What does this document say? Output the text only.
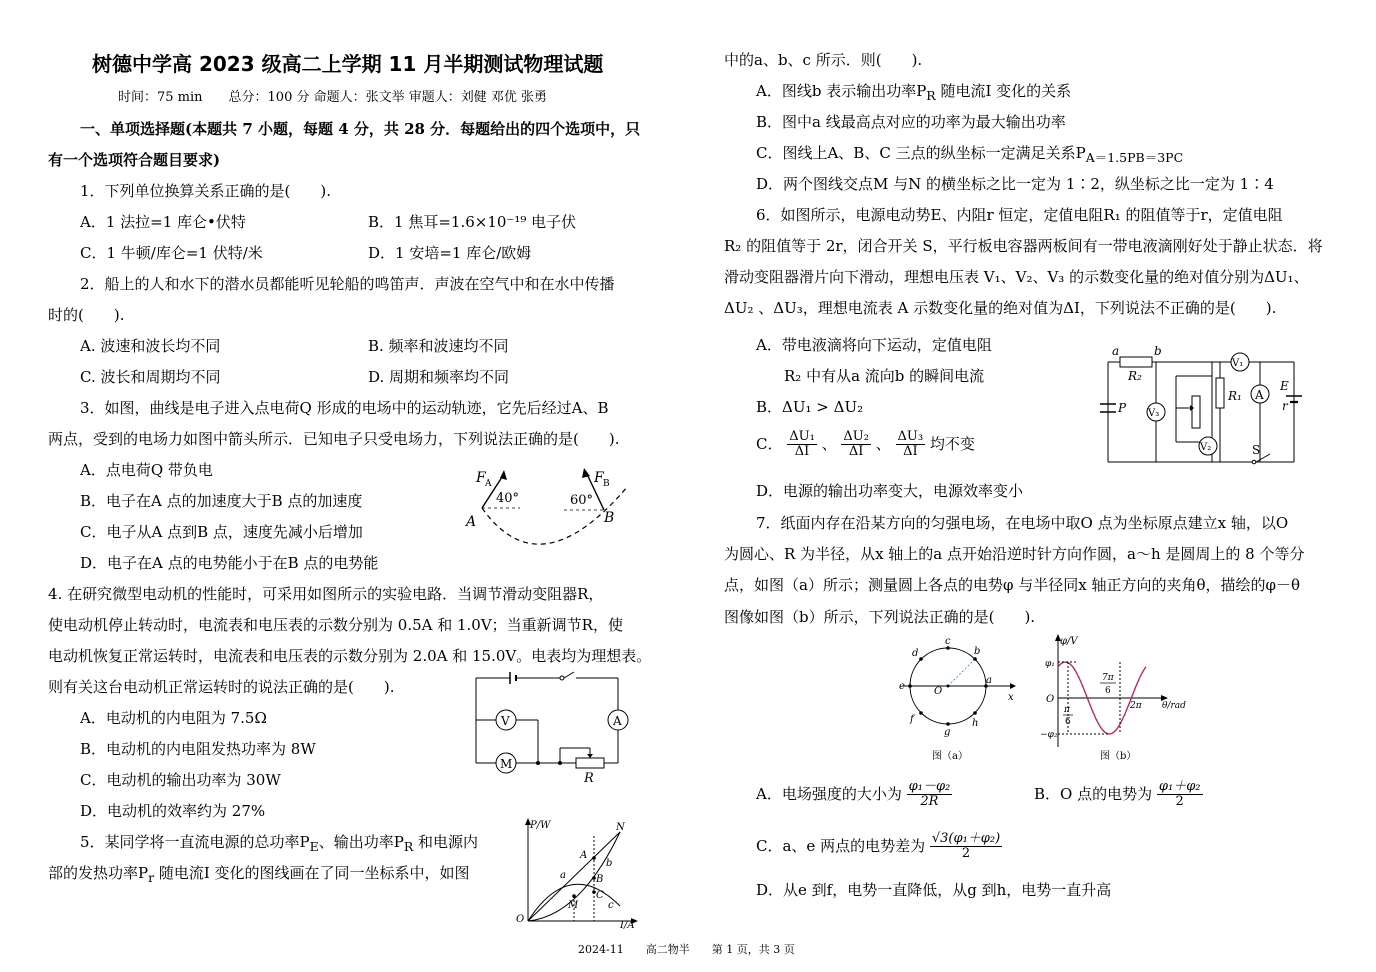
树德中学高 2023 级高二上学期 11 月半期测试物理试题
时间：75 min　　总分：100 分 命题人：张文举 审题人：刘健 邓优 张勇
一、单项选择题(本题共 7 小题，每题 4 分，共 28 分．每题给出的四个选项中，只
有一个选项符合题目要求)
1．下列单位换算关系正确的是(　　).
A．1 法拉=1 库仑•伏特	B．1 焦耳=1.6×10⁻¹⁹ 电子伏
C．1 牛顿/库仑=1 伏特/米	D．1 安培=1 库仑/欧姆
2．船上的人和水下的潜水员都能听见轮船的鸣笛声．声波在空气中和在水中传播
时的(　　).
A. 波速和波长均不同	B. 频率和波速均不同
C. 波长和周期均不同	D. 周期和频率均不同
3．如图，曲线是电子进入点电荷Q 形成的电场中的运动轨迹，它先后经过A、B
两点，受到的电场力如图中箭头所示．已知电子只受电场力，下列说法正确的是(　　).
A．点电荷Q 带负电
B．电子在A 点的加速度大于B 点的加速度
C．电子从A 点到B 点，速度先减小后增加
D．电子在A 点的电势能小于在B 点的电势能
F A
40°
F B
60°
A	B
4. 在研究微型电动机的性能时，可采用如图所示的实验电路．当调节滑动变阻器R，
使电动机停止转动时，电流表和电压表的示数分别为 0.5A 和 1.0V；当重新调节R，使
电动机恢复正常运转时，电流表和电压表的示数分别为 2.0A 和 15.0V。电表均为理想表。
则有关这台电动机正常运转时的说法正确的是(　　).
A．电动机的内电阻为 7.5Ω
B．电动机的内电阻发热功率为 8W
C．电动机的输出功率为 30W
D．电动机的效率约为 27%
V	A
M
R
5．某同学将一直流电源的总功率$P_E$、输出功率$P_R$ 和电源内
部的发热功率$P_r$ 随电流I 变化的图线画在了同一坐标系中，如图
P/W
I/A
O
N
A
B
C
M
a
b
c
中的a、b、c 所示．则(　　).
A．图线b 表示输出功率$P_R$ 随电流I 变化的关系
B．图中a 线最高点对应的功率为最大输出功率
C．图线上A、B、C 三点的纵坐标一定满足关系$P_{A=1.5PB=3PC}$
D．两个图线交点M 与N 的横坐标之比一定为 1∶2，纵坐标之比一定为 1∶4
6．如图所示，电源电动势E、内阻r 恒定，定值电阻R₁ 的阻值等于r，定值电阻
R₂ 的阻值等于 2r，闭合开关 S，平行板电容器两板间有一带电液滴刚好处于静止状态．将
滑动变阻器滑片向下滑动，理想电压表 V₁、V₂、V₃ 的示数变化量的绝对值分别为ΔU₁、
ΔU₂ 、ΔU₃，理想电流表 A 示数变化量的绝对值为ΔI，下列说法不正确的是(　　).
A．带电液滴将向下运动，定值电阻
R₂ 中有从a 流向b 的瞬间电流
B．ΔU₁ > ΔU₂
C． $\frac{\text{ΔU₁}}{\Delta I}$ 、 $\frac{\text{ΔU₂}}{\Delta I}$ 、 $\frac{\text{ΔU₃}}{\Delta I}$ 均不变
D．电源的输出功率变大，电源效率变小
a	b
R₂
V₁
V₃
V₂
P
R₁ A
E
r
S
7．纸面内存在沿某方向的匀强电场，在电场中取O 点为坐标原点建立x 轴，以O
为圆心、R 为半径，从x 轴上的a 点开始沿逆时针方向作圆，a～h 是圆周上的 8 个等分
点，如图（a）所示；测量圆上各点的电势φ 与半径同x 轴正方向的夹角θ，描绘的φ－θ
图像如图（b）所示，下列说法正确的是(　　).
a
b
c
d
e
f
g
h
O
x
图（a）
φ/V
φ₁
−φ₂
O
π
6
7π
6
2π θ/rad
图（b）
A．电场强度的大小为 $\frac{\text{φ₁－φ₂}}{2R}$	B．O 点的电势为 $\frac{\text{φ₁＋φ₂}}{2}$
C．a、e 两点的电势差为 $\frac{\text{√3(φ₁＋φ₂)}}{2}$
D．从e 到f，电势一直降低，从g 到h，电势一直升高
2024-11　　高二物半　　第 1 页，共 3 页
